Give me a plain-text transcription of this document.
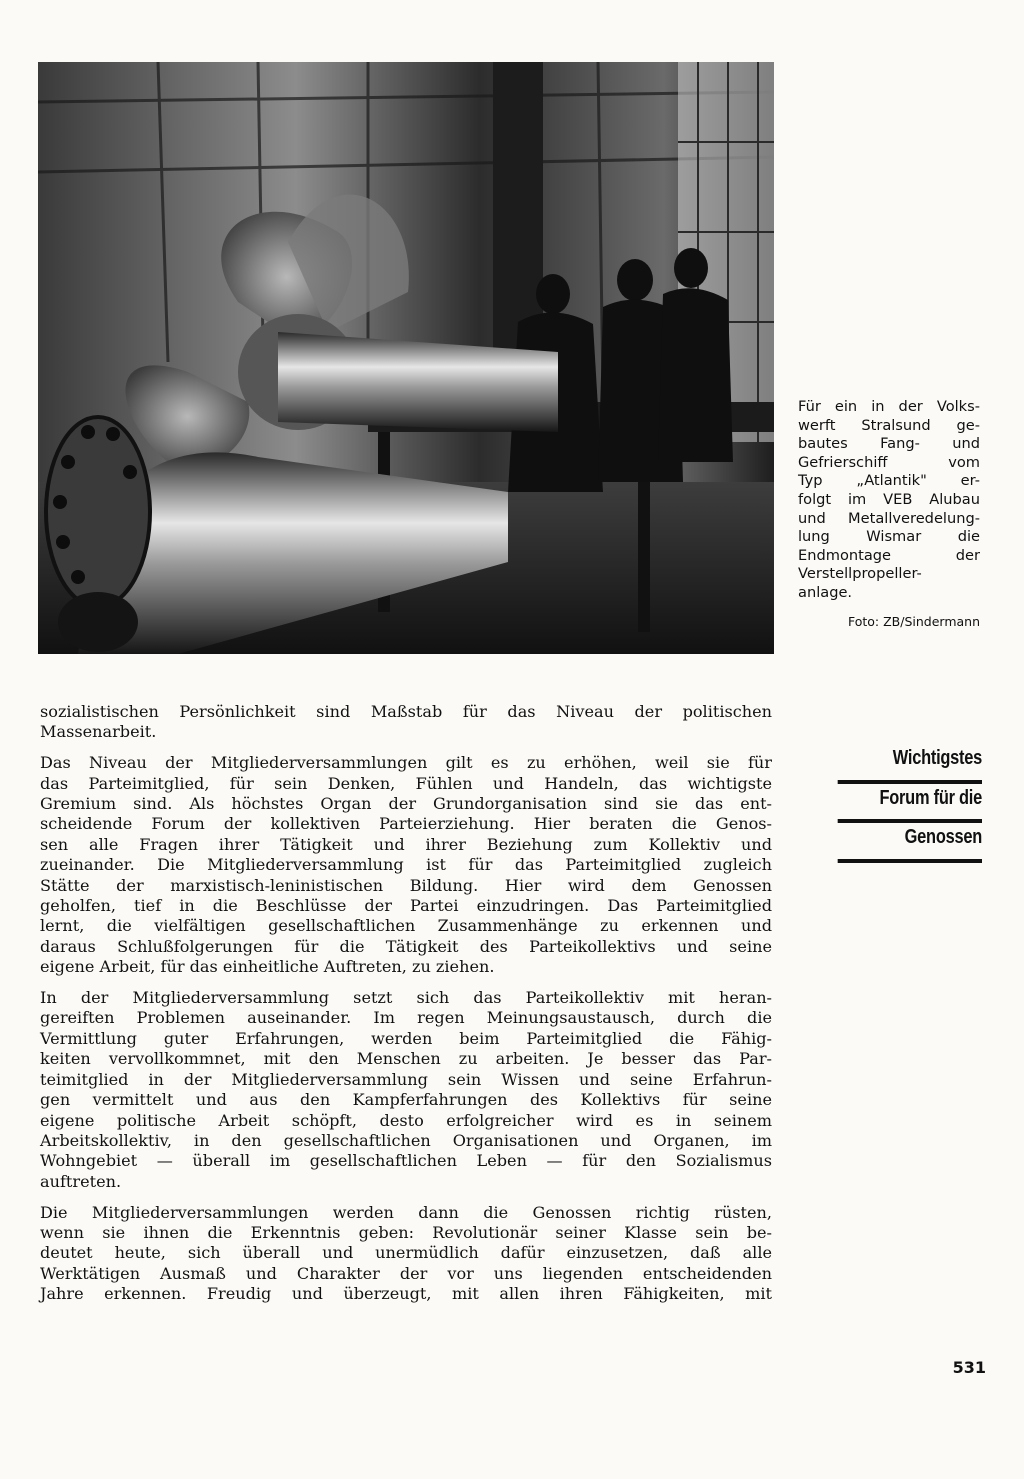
Für ein in der Volks-
werft Stralsund ge-
bautes Fang- und
Gefrierschiff vom
Typ „Atlantik" er-
folgt im VEB Alubau
und Metallveredelung-
lung Wismar die
Endmontage der
Verstellpropeller-
anlage.
Foto: ZB/Sindermann
Wichtigstes
Forum für die
Genossen
sozialistischen Persönlichkeit sind Maßstab für das Niveau der politischen
Massenarbeit.
Das Niveau der Mitgliederversammlungen gilt es zu erhöhen, weil sie für
das Parteimitglied, für sein Denken, Fühlen und Handeln, das wichtigste
Gremium sind. Als höchstes Organ der Grundorganisation sind sie das ent-
scheidende Forum der kollektiven Parteierziehung. Hier beraten die Genos-
sen alle Fragen ihrer Tätigkeit und ihrer Beziehung zum Kollektiv und
zueinander. Die Mitgliederversammlung ist für das Parteimitglied zugleich
Stätte der marxistisch-leninistischen Bildung. Hier wird dem Genossen
geholfen, tief in die Beschlüsse der Partei einzudringen. Das Parteimitglied
lernt, die vielfältigen gesellschaftlichen Zusammenhänge zu erkennen und
daraus Schlußfolgerungen für die Tätigkeit des Parteikollektivs und seine
eigene Arbeit, für das einheitliche Auftreten, zu ziehen.
In der Mitgliederversammlung setzt sich das Parteikollektiv mit heran-
gereiften Problemen auseinander. Im regen Meinungsaustausch, durch die
Vermittlung guter Erfahrungen, werden beim Parteimitglied die Fähig-
keiten vervollkommnet, mit den Menschen zu arbeiten. Je besser das Par-
teimitglied in der Mitgliederversammlung sein Wissen und seine Erfahrun-
gen vermittelt und aus den Kampferfahrungen des Kollektivs für seine
eigene politische Arbeit schöpft, desto erfolgreicher wird es in seinem
Arbeitskollektiv, in den gesellschaftlichen Organisationen und Organen, im
Wohngebiet — überall im gesellschaftlichen Leben — für den Sozialismus
auftreten.
Die Mitgliederversammlungen werden dann die Genossen richtig rüsten,
wenn sie ihnen die Erkenntnis geben: Revolutionär seiner Klasse sein be-
deutet heute, sich überall und unermüdlich dafür einzusetzen, daß alle
Werktätigen Ausmaß und Charakter der vor uns liegenden entscheidenden
Jahre erkennen. Freudig und überzeugt, mit allen ihren Fähigkeiten, mit
531
